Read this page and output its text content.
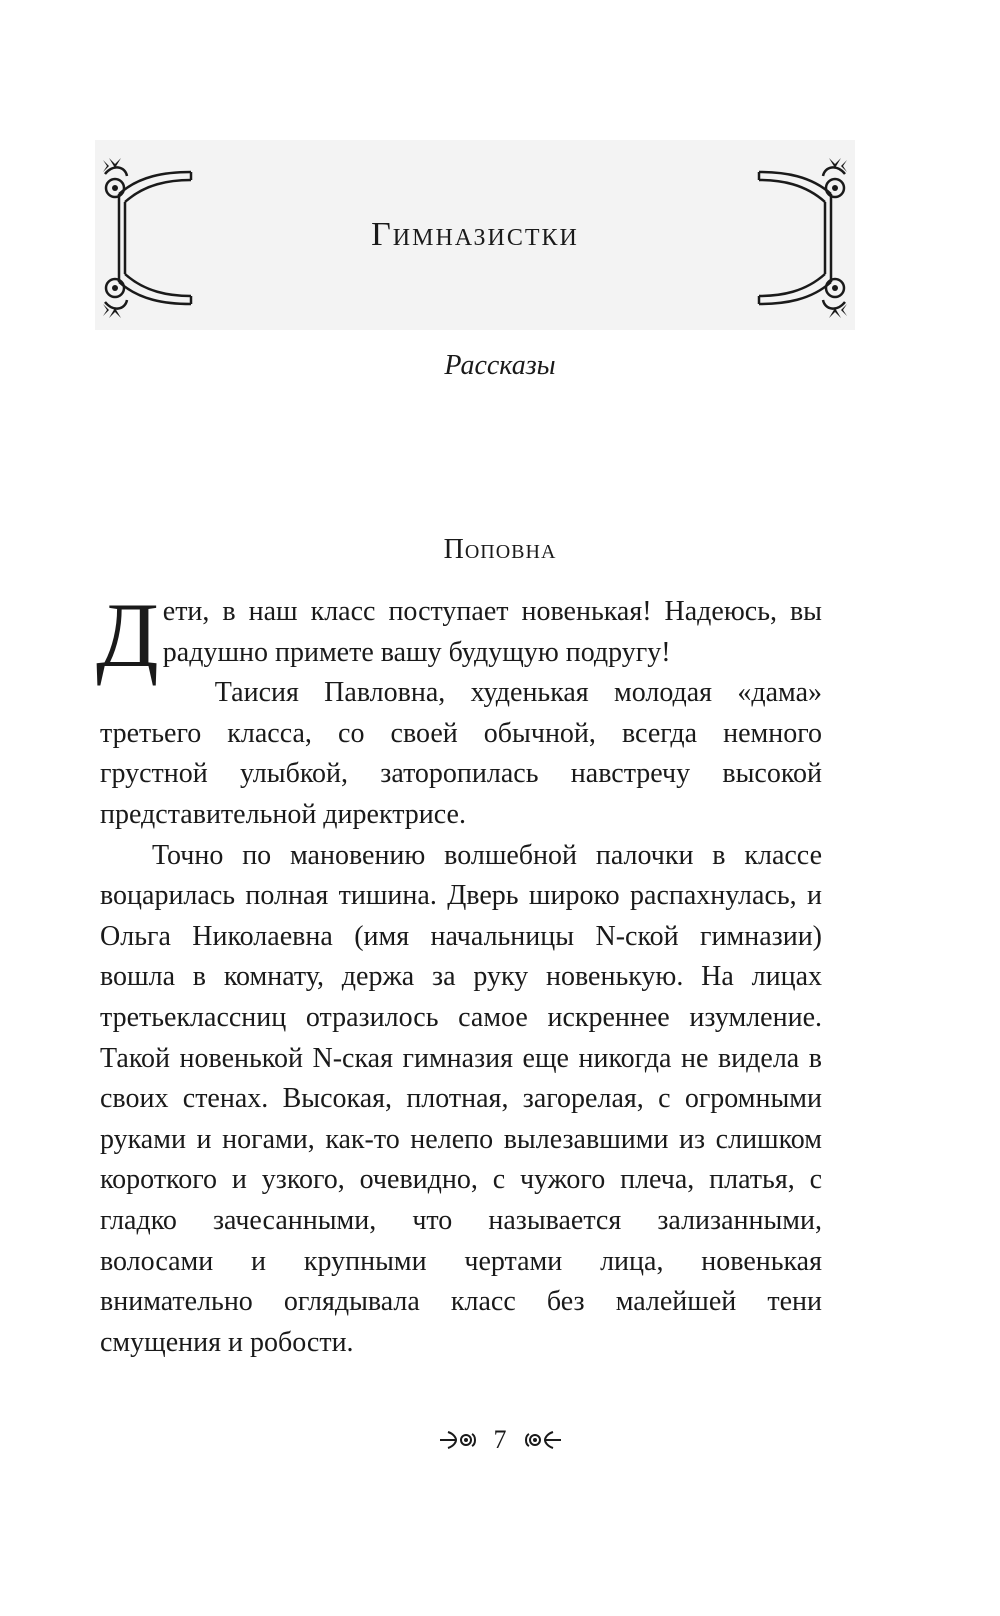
Гимназистки
Рассказы
Поповна

Дети, в наш класс поступает новенькая! Надеюсь, вы радушно примете вашу будущую подругу!

Таисия Павловна, худенькая молодая «дама» третьего класса, со своей обычной, всегда немного грустной улыбкой, заторопилась навстречу высокой представительной директрисе.

Точно по мановению волшебной палочки в классе воцарилась полная тишина. Дверь широко распахнулась, и Ольга Николаевна (имя начальницы N-ской гимназии) вошла в комнату, держа за руку новенькую. На лицах третьеклассниц отразилось самое искреннее изумление. Такой новенькой N-ская гимназия еще никогда не видела в своих стенах. Высокая, плотная, загорелая, с огромными руками и ногами, как-то нелепо вылезавшими из слишком короткого и узкого, очевидно, с чужого плеча, платья, с гладко зачесанными, что называется зализанными, волосами и крупными чертами лица, новенькая внимательно оглядывала класс без малейшей тени смущения и робости.

7
